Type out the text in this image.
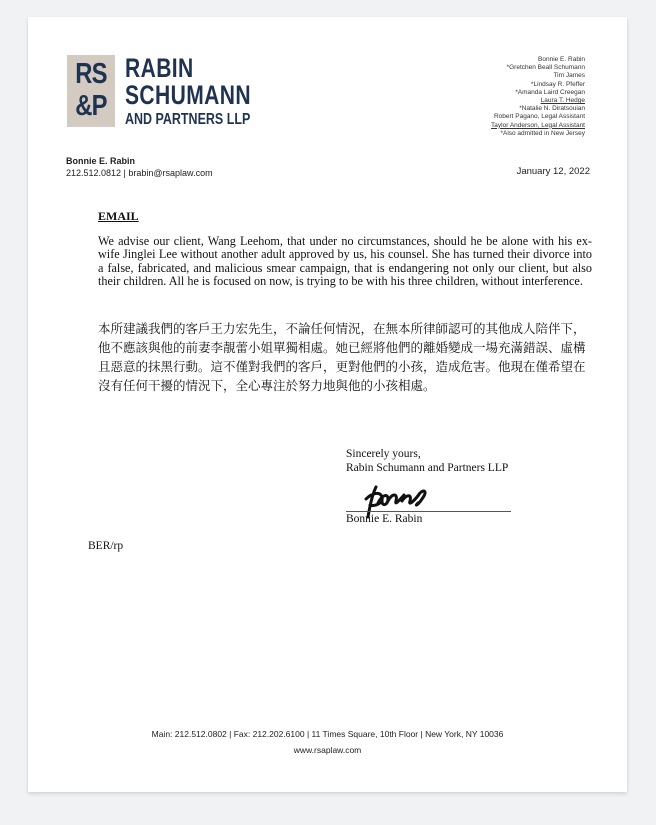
RS
&P
RABIN
SCHUMANN
AND PARTNERS LLP
Bonnie E. Rabin
*Gretchen Beall Schumann
Tim James
*Lindsay R. Pfeffer
*Amanda Laird Creegan
Laura T. Hedge
*Natalie N. Diratsouian
Robert Pagano, Legal Assistant
Taylor Anderson, Legal Assistant
*Also admitted in New Jersey
Bonnie E. Rabin
212.512.0812 | brabin@rsaplaw.com	January 12, 2022
EMAIL
We advise our client, Wang Leehom, that under no circumstances, should he be alone with his ex-wife Jinglei Lee without another adult approved by us, his counsel. She has turned their divorce into a false, fabricated, and malicious smear campaign, that is endangering not only our client, but also their children. All he is focused on now, is trying to be with his three children, without interference.
本所建議我們的客戶王力宏先生，不論任何情況，在無本所律師認可的其他成人陪伴下，他不應該與他的前妻李靚蕾小姐單獨相處。她已經將他們的離婚變成一場充滿錯誤、虛構且惡意的抹黑行動。這不僅對我們的客戶，更對他們的小孩，造成危害。他現在僅希望在沒有任何干擾的情況下，全心專注於努力地與他的小孩相處。
Sincerely yours,
Rabin Schumann and Partners LLP
Bonnie E. Rabin
BER/rp
Main: 212.512.0802 | Fax: 212.202.6100 | 11 Times Square, 10th Floor | New York, NY 10036
www.rsaplaw.com
